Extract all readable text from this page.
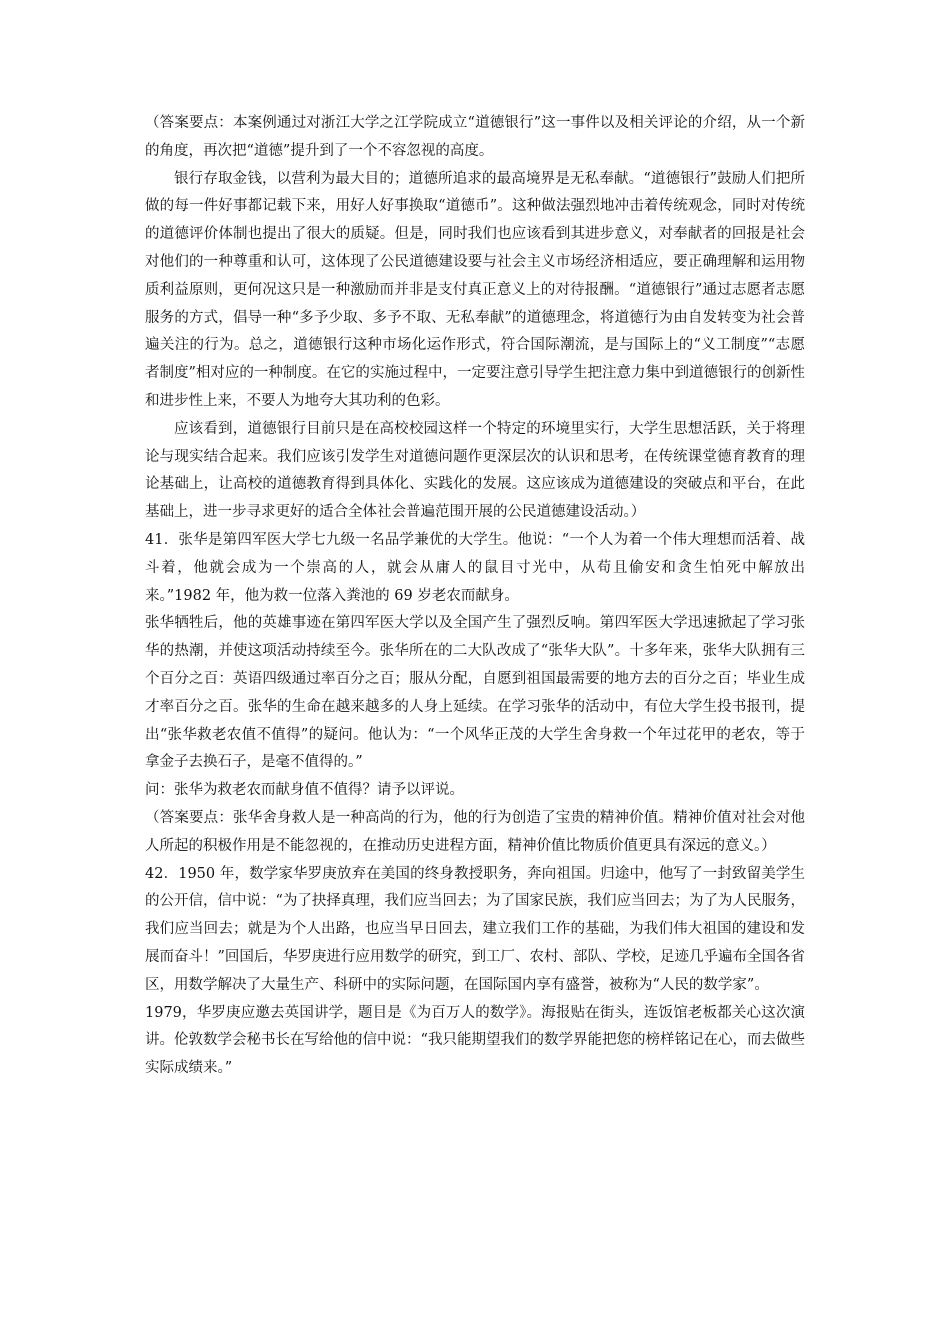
（答案要点：本案例通过对浙江大学之江学院成立“道德银行”这一事件以及相关评论的介绍，从一个新的角度，再次把“道德”提升到了一个不容忽视的高度。

银行存取金钱，以营利为最大目的；道德所追求的最高境界是无私奉献。“道德银行”鼓励人们把所做的每一件好事都记载下来，用好人好事换取“道德币”。这种做法强烈地冲击着传统观念，同时对传统的道德评价体制也提出了很大的质疑。但是，同时我们也应该看到其进步意义，对奉献者的回报是社会对他们的一种尊重和认可，这体现了公民道德建设要与社会主义市场经济相适应，要正确理解和运用物质利益原则，更何况这只是一种激励而并非是支付真正意义上的对待报酬。“道德银行”通过志愿者志愿服务的方式，倡导一种“多予少取、多予不取、无私奉献”的道德理念，将道德行为由自发转变为社会普遍关注的行为。总之，道德银行这种市场化运作形式，符合国际潮流，是与国际上的“义工制度”“志愿者制度”相对应的一种制度。在它的实施过程中，一定要注意引导学生把注意力集中到道德银行的创新性和进步性上来，不要人为地夸大其功利的色彩。

应该看到，道德银行目前只是在高校校园这样一个特定的环境里实行，大学生思想活跃，关于将理论与现实结合起来。我们应该引发学生对道德问题作更深层次的认识和思考，在传统课堂德育教育的理论基础上，让高校的道德教育得到具体化、实践化的发展。这应该成为道德建设的突破点和平台，在此基础上，进一步寻求更好的适合全体社会普遍范围开展的公民道德建设活动。）

41．张华是第四军医大学七九级一名品学兼优的大学生。他说：“一个人为着一个伟大理想而活着、战斗着，他就会成为一个崇高的人，就会从庸人的鼠目寸光中，从苟且偷安和贪生怕死中解放出来。”1982 年，他为救一位落入粪池的 69 岁老农而献身。

张华牺牲后，他的英雄事迹在第四军医大学以及全国产生了强烈反响。第四军医大学迅速掀起了学习张华的热潮，并使这项活动持续至今。张华所在的二大队改成了“张华大队”。十多年来，张华大队拥有三个百分之百：英语四级通过率百分之百；服从分配，自愿到祖国最需要的地方去的百分之百；毕业生成才率百分之百。张华的生命在越来越多的人身上延续。在学习张华的活动中，有位大学生投书报刊，提出“张华救老农值不值得”的疑问。他认为：“一个风华正茂的大学生舍身救一个年过花甲的老农，等于拿金子去换石子，是毫不值得的。”

问：张华为救老农而献身值不值得？请予以评说。

（答案要点：张华舍身救人是一种高尚的行为，他的行为创造了宝贵的精神价值。精神价值对社会对他人所起的积极作用是不能忽视的，在推动历史进程方面，精神价值比物质价值更具有深远的意义。）

42．1950 年，数学家华罗庚放弃在美国的终身教授职务，奔向祖国。归途中，他写了一封致留美学生的公开信，信中说：“为了抉择真理，我们应当回去；为了国家民族，我们应当回去；为了为人民服务，我们应当回去；就是为个人出路，也应当早日回去，建立我们工作的基础，为我们伟大祖国的建设和发展而奋斗！”回国后，华罗庚进行应用数学的研究，到工厂、农村、部队、学校，足迹几乎遍布全国各省区，用数学解决了大量生产、科研中的实际问题，在国际国内享有盛誉，被称为“人民的数学家”。

1979，华罗庚应邀去英国讲学，题目是《为百万人的数学》。海报贴在街头，连饭馆老板都关心这次演讲。伦敦数学会秘书长在写给他的信中说：“我只能期望我们的数学界能把您的榜样铭记在心，而去做些实际成绩来。”
